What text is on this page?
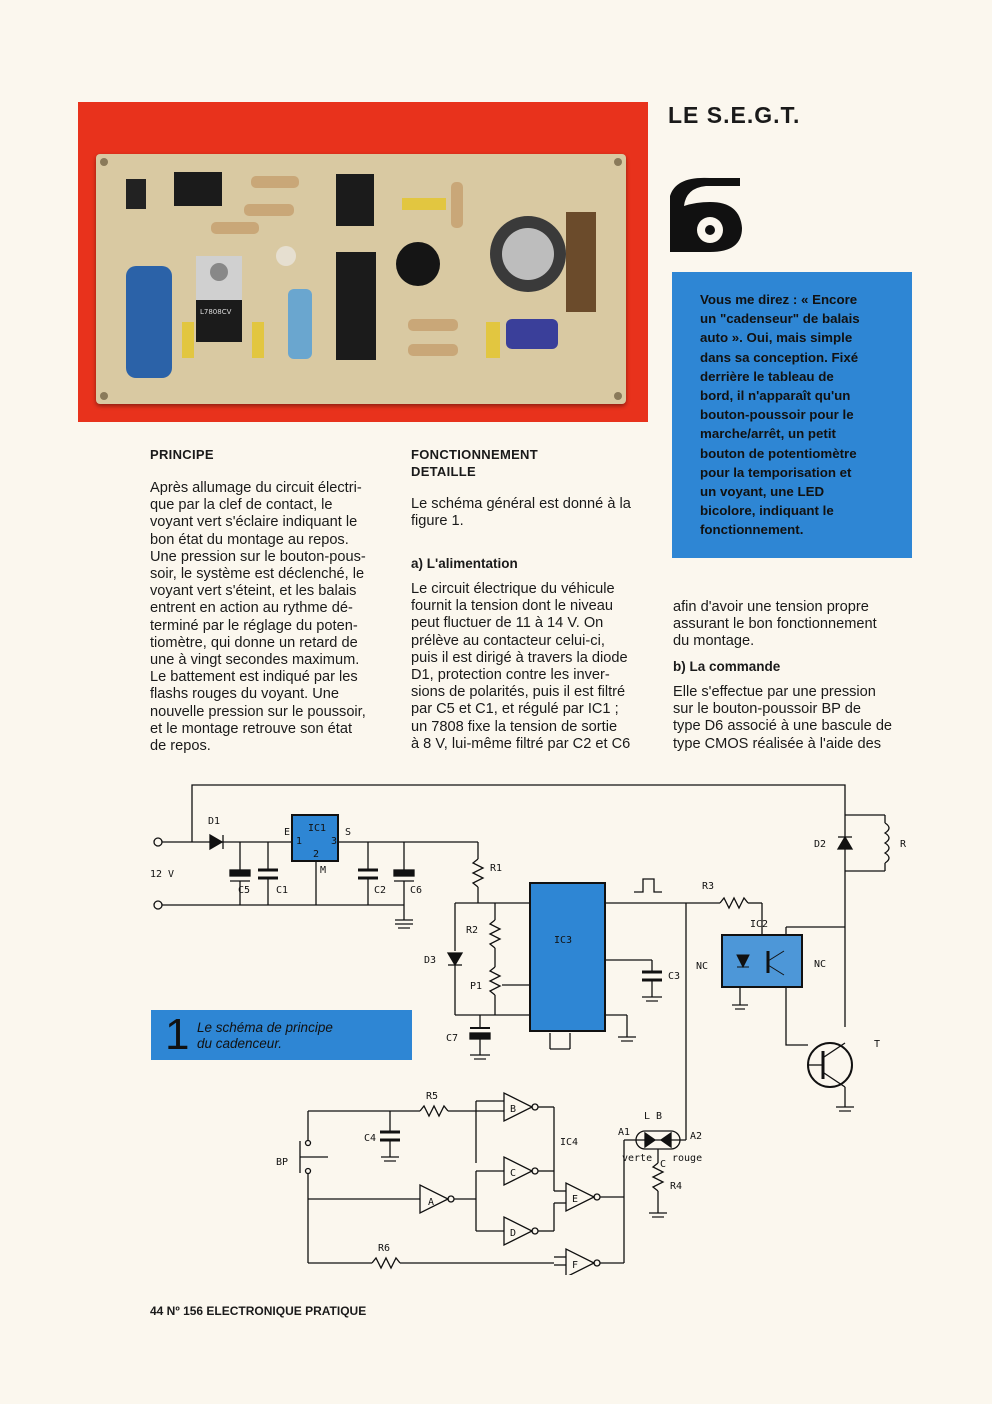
LE S.E.G.T.
Vous me direz : « Encore
un "cadenseur" de balais
auto ». Oui, mais simple
dans sa conception. Fixé
derrière le tableau de
bord, il n'apparaît qu'un
bouton-poussoir pour le
marche/arrêt, un petit
bouton de potentiomètre
pour la temporisation et
un voyant, une LED
bicolore, indiquant le
fonctionnement.
L7808CV
PRINCIPE
Après allumage du circuit électri-
que par la clef de contact, le
voyant vert s'éclaire indiquant le
bon état du montage au repos.
Une pression sur le bouton-pous-
soir, le système est déclenché, le
voyant vert s'éteint, et les balais
entrent en action au rythme dé-
terminé par le réglage du poten-
tiomètre, qui donne un retard de
une à vingt secondes maximum.
Le battement est indiqué par les
flashs rouges du voyant. Une
nouvelle pression sur le poussoir,
et le montage retrouve son état
de repos.
FONCTIONNEMENT
DETAILLE
Le schéma général est donné à la
figure 1.
a) L'alimentation
Le circuit électrique du véhicule
fournit la tension dont le niveau
peut fluctuer de 11 à 14 V. On
prélève au contacteur celui-ci,
puis il est dirigé à travers la diode
D1, protection contre les inver-
sions de polarités, puis il est filtré
par C5 et C1, et régulé par IC1 ;
un 7808 fixe la tension de sortie
à 8 V, lui-même filtré par C2 et C6
afin d'avoir une tension propre
assurant le bon fonctionnement
du montage.
b) La commande
Elle s'effectue par une pression
sur le bouton-poussoir BP de
type D6 associé à une bascule de
type CMOS réalisée à l'aide des
D1
IC1
E	S
1
2
3
M
12 V
C5	C1	C2 C6
R1
R2
D3
P1
C7
IC3
C3
R3
IC2
NC	NC
D2	R
T
R5
C4
BP
R6
IC4
L B
A1	A2
verte rouge
C
R4
A
B
C
D
E
F
1 Le schéma de principe
du cadenceur.
44 Nº 156 ELECTRONIQUE PRATIQUE
